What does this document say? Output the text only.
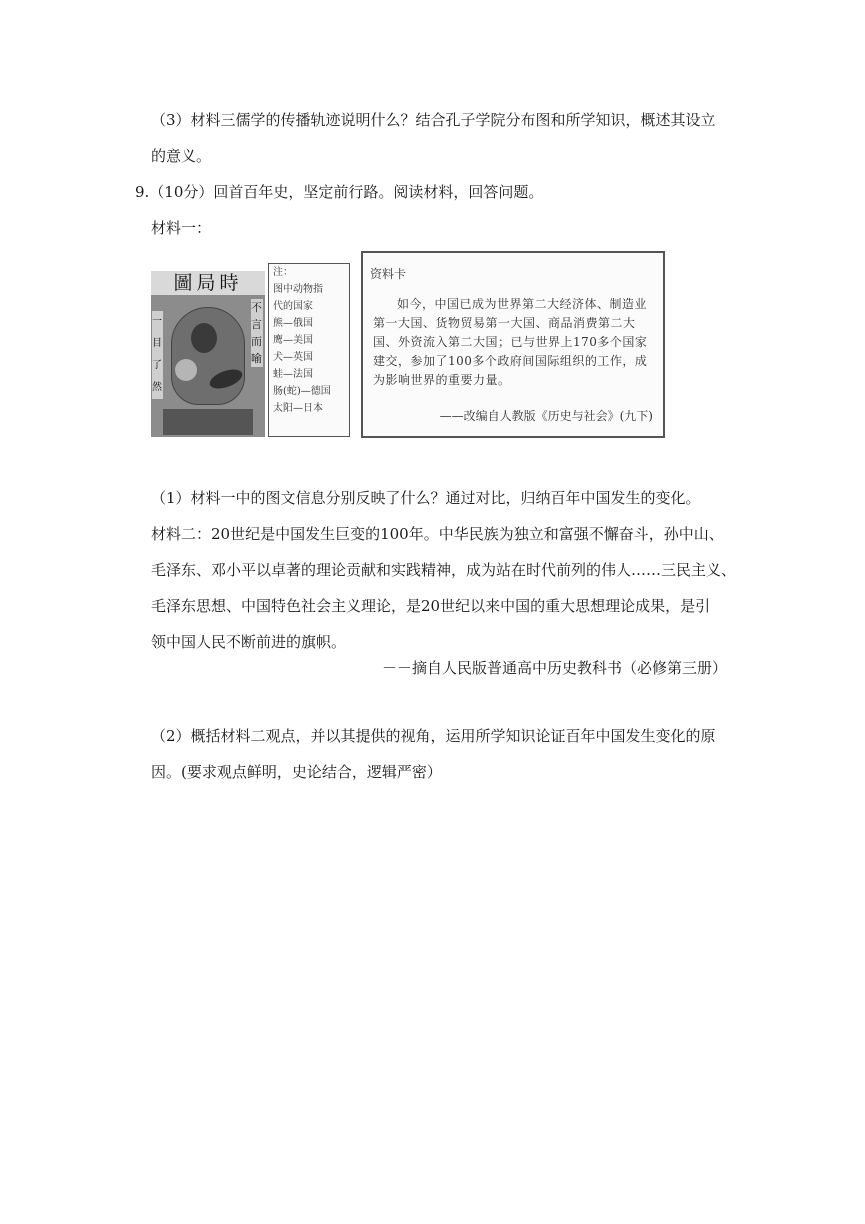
（3）材料三儒学的传播轨迹说明什么？结合孔子学院分布图和所学知识，概述其设立
的意义。
9.（10分）回首百年史，坚定前行路。阅读材料，回答问题。
材料一：
圖局時
不言而喻
一目了然
注：
图中动物指
代的国家
熊—俄国
鹰—美国
犬—英国
蛙—法国
肠(蛇)—德国
太阳—日本
资料卡
如今，中国已成为世界第二大经济体、制造业第一大国、货物贸易第一大国、商品消费第二大国、外资流入第二大国；已与世界上170多个国家建交，参加了100多个政府间国际组织的工作，成为影响世界的重要力量。
——改编自人教版《历史与社会》(九下)
（1）材料一中的图文信息分别反映了什么？通过对比，归纳百年中国发生的变化。
材料二：20世纪是中国发生巨变的100年。中华民族为独立和富强不懈奋斗，孙中山、
毛泽东、邓小平以卓著的理论贡献和实践精神，成为站在时代前列的伟人……三民主义、
毛泽东思想、中国特色社会主义理论，是20世纪以来中国的重大思想理论成果，是引
领中国人民不断前进的旗帜。
－－摘自人民版普通高中历史教科书（必修第三册）
（2）概括材料二观点，并以其提供的视角，运用所学知识论证百年中国发生变化的原
因。(要求观点鲜明，史论结合，逻辑严密）
